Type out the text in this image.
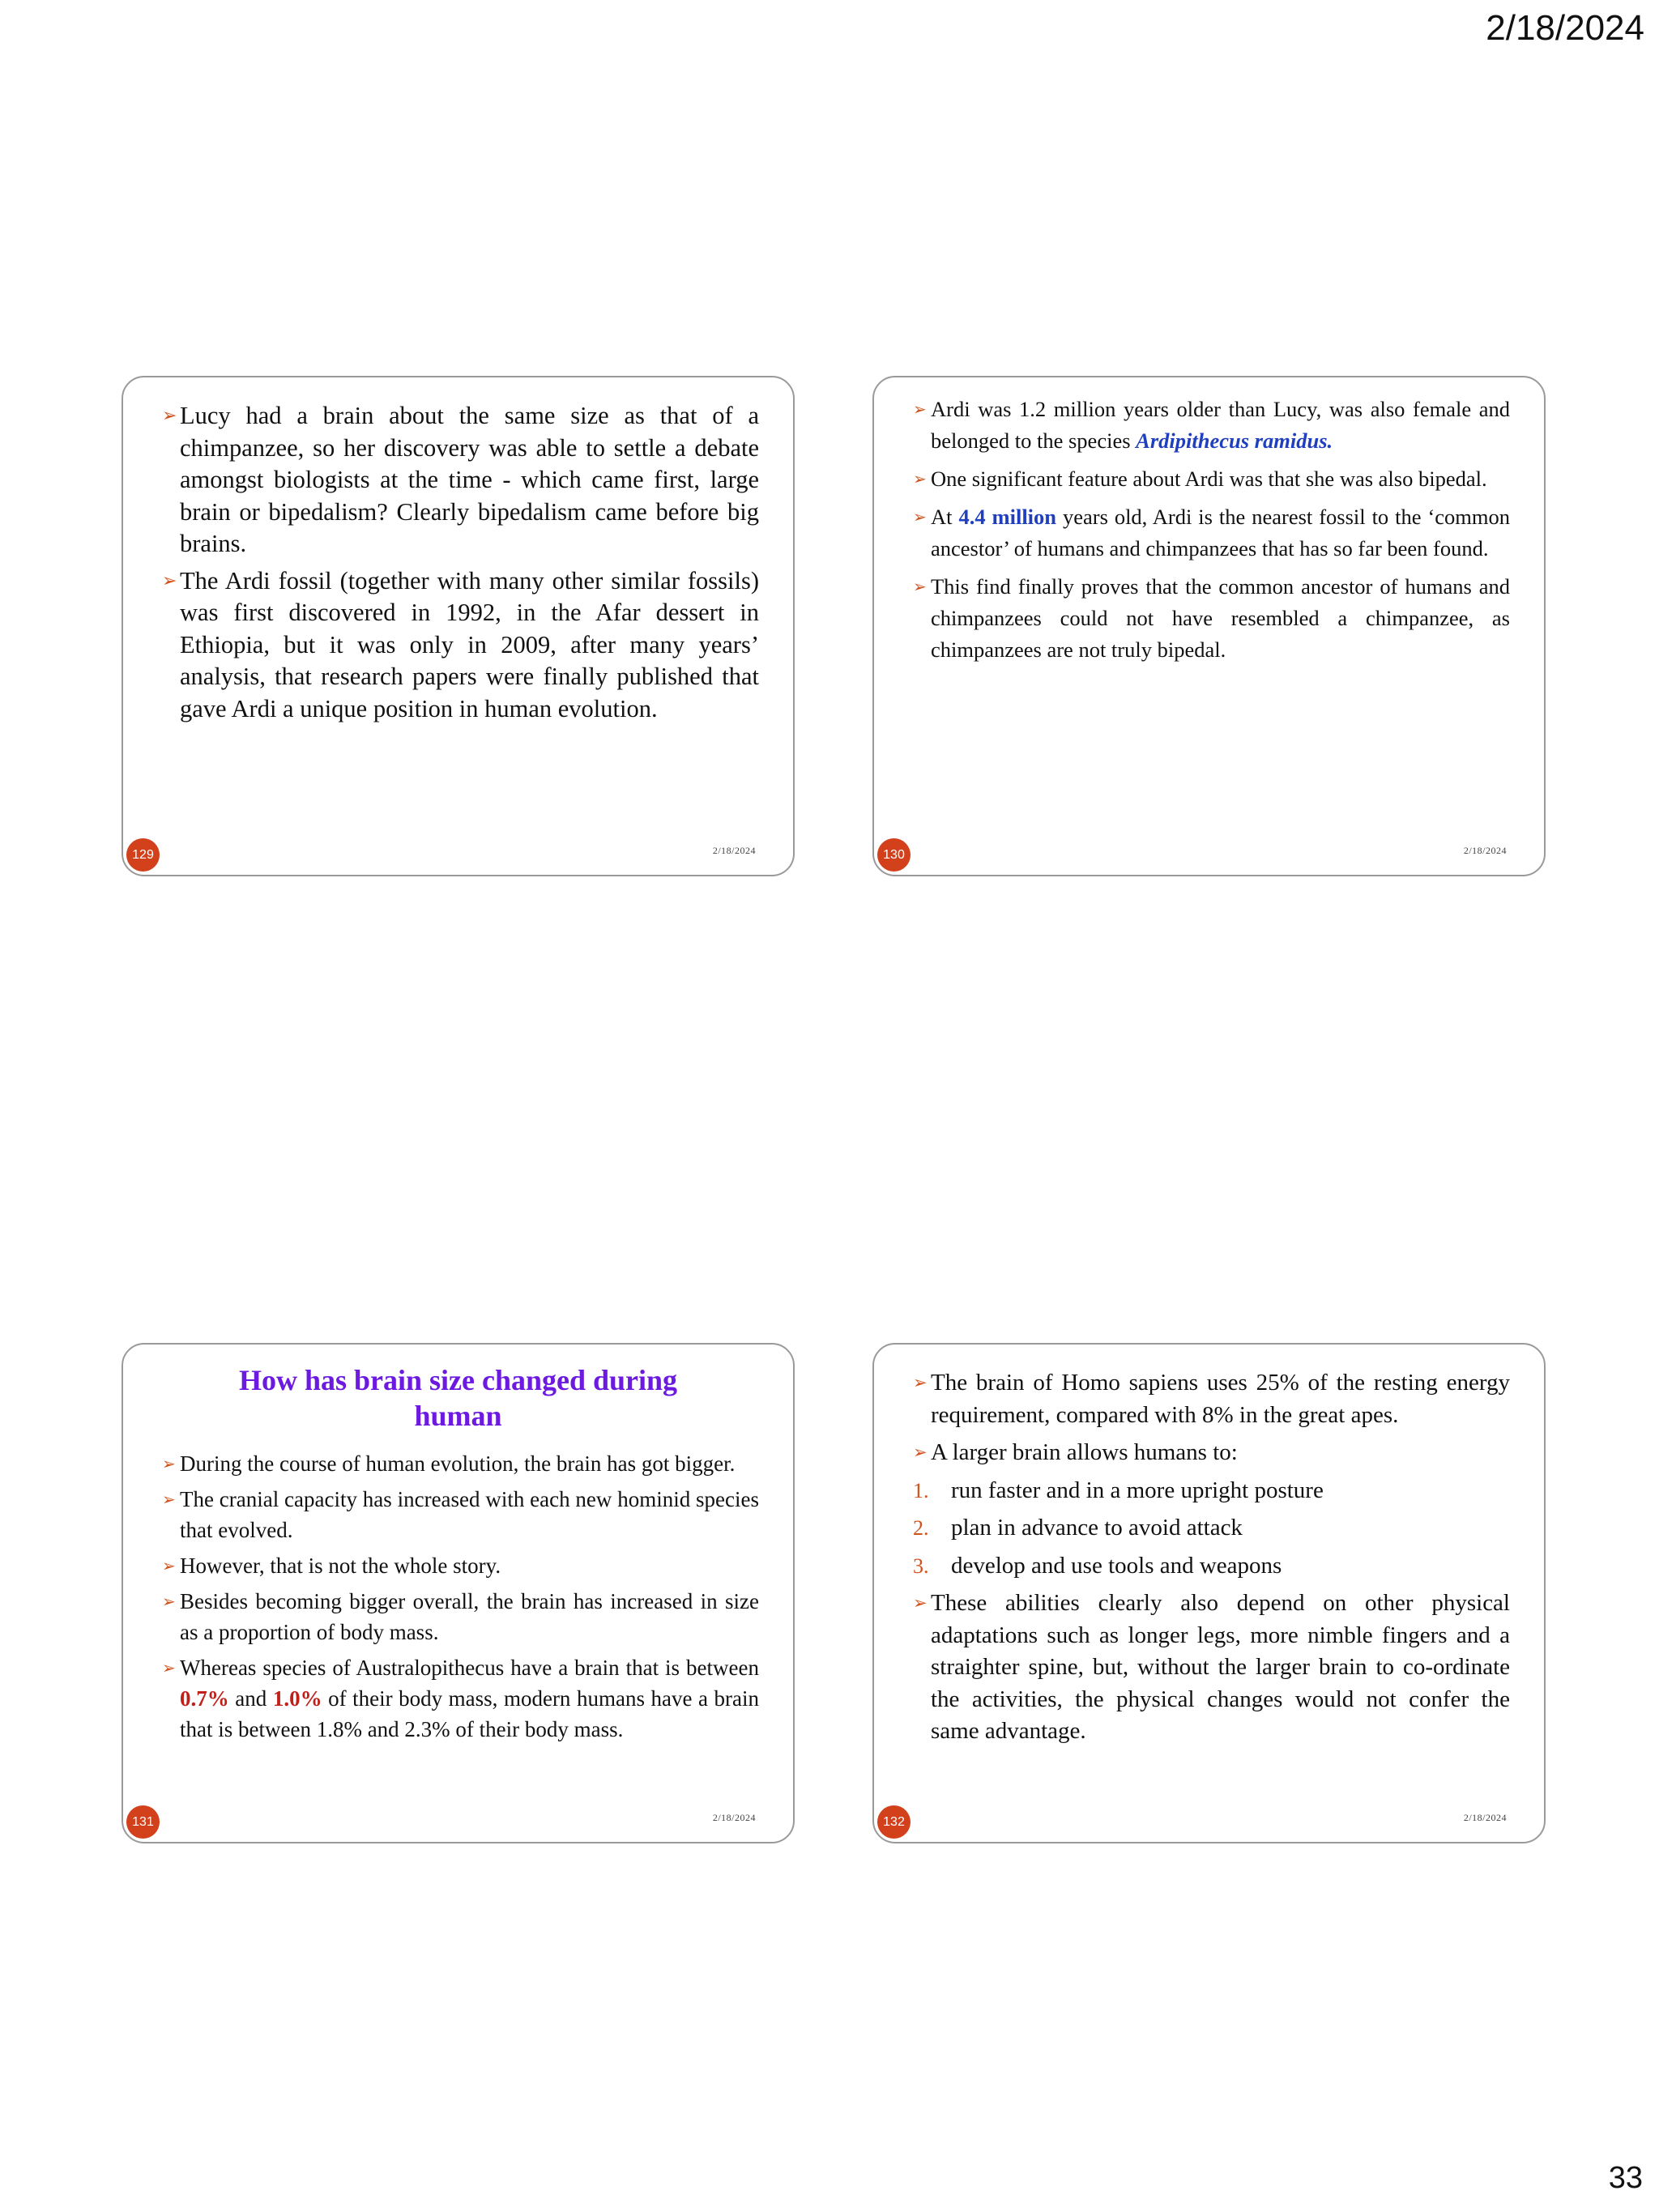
2/18/2024
➢ Lucy had a brain about the same size as that of a chimpanzee, so her discovery was able to settle a debate amongst biologists at the time - which came first, large brain or bipedalism? Clearly bipedalism came before big brains.
➢ The Ardi fossil (together with many other similar fossils) was first discovered in 1992, in the Afar dessert in Ethiopia, but it was only in 2009, after many years’ analysis, that research papers were finally published that gave Ardi a unique position in human evolution.
129	2/18/2024
➢ Ardi was 1.2 million years older than Lucy, was also female and belonged to the species Ardipithecus ramidus.
➢ One significant feature about Ardi was that she was also bipedal.
➢ At 4.4 million years old, Ardi is the nearest fossil to the ‘common ancestor’ of humans and chimpanzees that has so far been found.
➢ This find finally proves that the common ancestor of humans and chimpanzees could not have resembled a chimpanzee, as chimpanzees are not truly bipedal.
130	2/18/2024
How has brain size changed during
human
➢ During the course of human evolution, the brain has got bigger.
➢ The cranial capacity has increased with each new hominid species that evolved.
➢ However, that is not the whole story.
➢ Besides becoming bigger overall, the brain has increased in size as a proportion of body mass.
➢ Whereas species of Australopithecus have a brain that is between 0.7% and 1.0% of their body mass, modern humans have a brain that is between 1.8% and 2.3% of their body mass.
131	2/18/2024
➢ The brain of Homo sapiens uses 25% of the resting energy requirement, compared with 8% in the great apes.
➢ A larger brain allows humans to:
1. run faster and in a more upright posture
2. plan in advance to avoid attack
3. develop and use tools and weapons
➢ These abilities clearly also depend on other physical adaptations such as longer legs, more nimble fingers and a straighter spine, but, without the larger brain to co-ordinate the activities, the physical changes would not confer the same advantage.
132	2/18/2024
33
